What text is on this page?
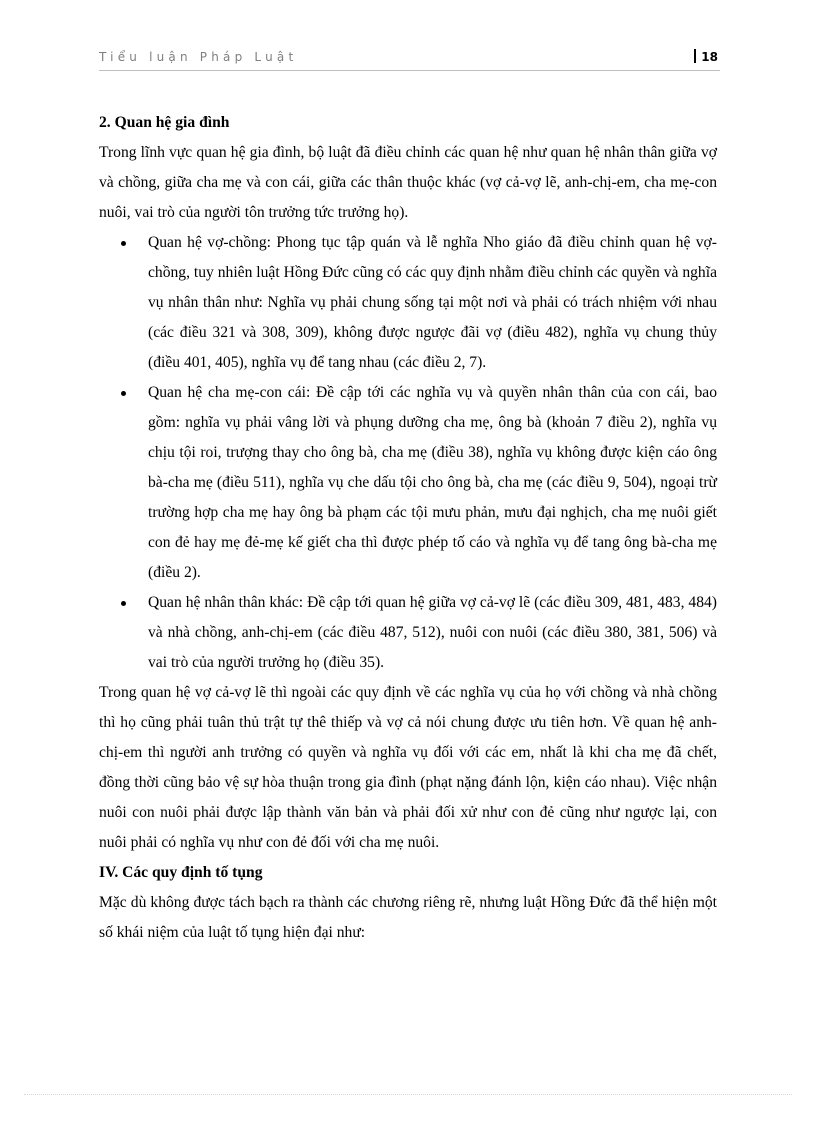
Tiểu luận Pháp Luật	18

2. Quan hệ gia đình

Trong lĩnh vực quan hệ gia đình, bộ luật đã điều chỉnh các quan hệ như quan hệ nhân thân giữa vợ và chồng, giữa cha mẹ và con cái, giữa các thân thuộc khác (vợ cả-vợ lẽ, anh-chị-em, cha mẹ-con nuôi, vai trò của người tôn trưởng tức trưởng họ).

Quan hệ vợ-chồng: Phong tục tập quán và lễ nghĩa Nho giáo đã điều chỉnh quan hệ vợ-chồng, tuy nhiên luật Hồng Đức cũng có các quy định nhằm điều chỉnh các quyền và nghĩa vụ nhân thân như: Nghĩa vụ phải chung sống tại một nơi và phải có trách nhiệm với nhau (các điều 321 và 308, 309), không được ngược đãi vợ (điều 482), nghĩa vụ chung thủy (điều 401, 405), nghĩa vụ để tang nhau (các điều 2, 7).
Quan hệ cha mẹ-con cái: Đề cập tới các nghĩa vụ và quyền nhân thân của con cái, bao gồm: nghĩa vụ phải vâng lời và phụng dưỡng cha mẹ, ông bà (khoản 7 điều 2), nghĩa vụ chịu tội roi, trượng thay cho ông bà, cha mẹ (điều 38), nghĩa vụ không được kiện cáo ông bà-cha mẹ (điều 511), nghĩa vụ che dấu tội cho ông bà, cha mẹ (các điều 9, 504), ngoại trừ trường hợp cha mẹ hay ông bà phạm các tội mưu phản, mưu đại nghịch, cha mẹ nuôi giết con đẻ hay mẹ đẻ-mẹ kế giết cha thì được phép tố cáo và nghĩa vụ để tang ông bà-cha mẹ (điều 2).
Quan hệ nhân thân khác: Đề cập tới quan hệ giữa vợ cả-vợ lẽ (các điều 309, 481, 483, 484) và nhà chồng, anh-chị-em (các điều 487, 512), nuôi con nuôi (các điều 380, 381, 506) và vai trò của người trưởng họ (điều 35).

Trong quan hệ vợ cả-vợ lẽ thì ngoài các quy định về các nghĩa vụ của họ với chồng và nhà chồng thì họ cũng phải tuân thủ trật tự thê thiếp và vợ cả nói chung được ưu tiên hơn. Về quan hệ anh-chị-em thì người anh trưởng có quyền và nghĩa vụ đối với các em, nhất là khi cha mẹ đã chết, đồng thời cũng bảo vệ sự hòa thuận trong gia đình (phạt nặng đánh lộn, kiện cáo nhau). Việc nhận nuôi con nuôi phải được lập thành văn bản và phải đối xử như con đẻ cũng như ngược lại, con nuôi phải có nghĩa vụ như con đẻ đối với cha mẹ nuôi.

IV. Các quy định tố tụng

Mặc dù không được tách bạch ra thành các chương riêng rẽ, nhưng luật Hồng Đức đã thể hiện một số khái niệm của luật tố tụng hiện đại như:
